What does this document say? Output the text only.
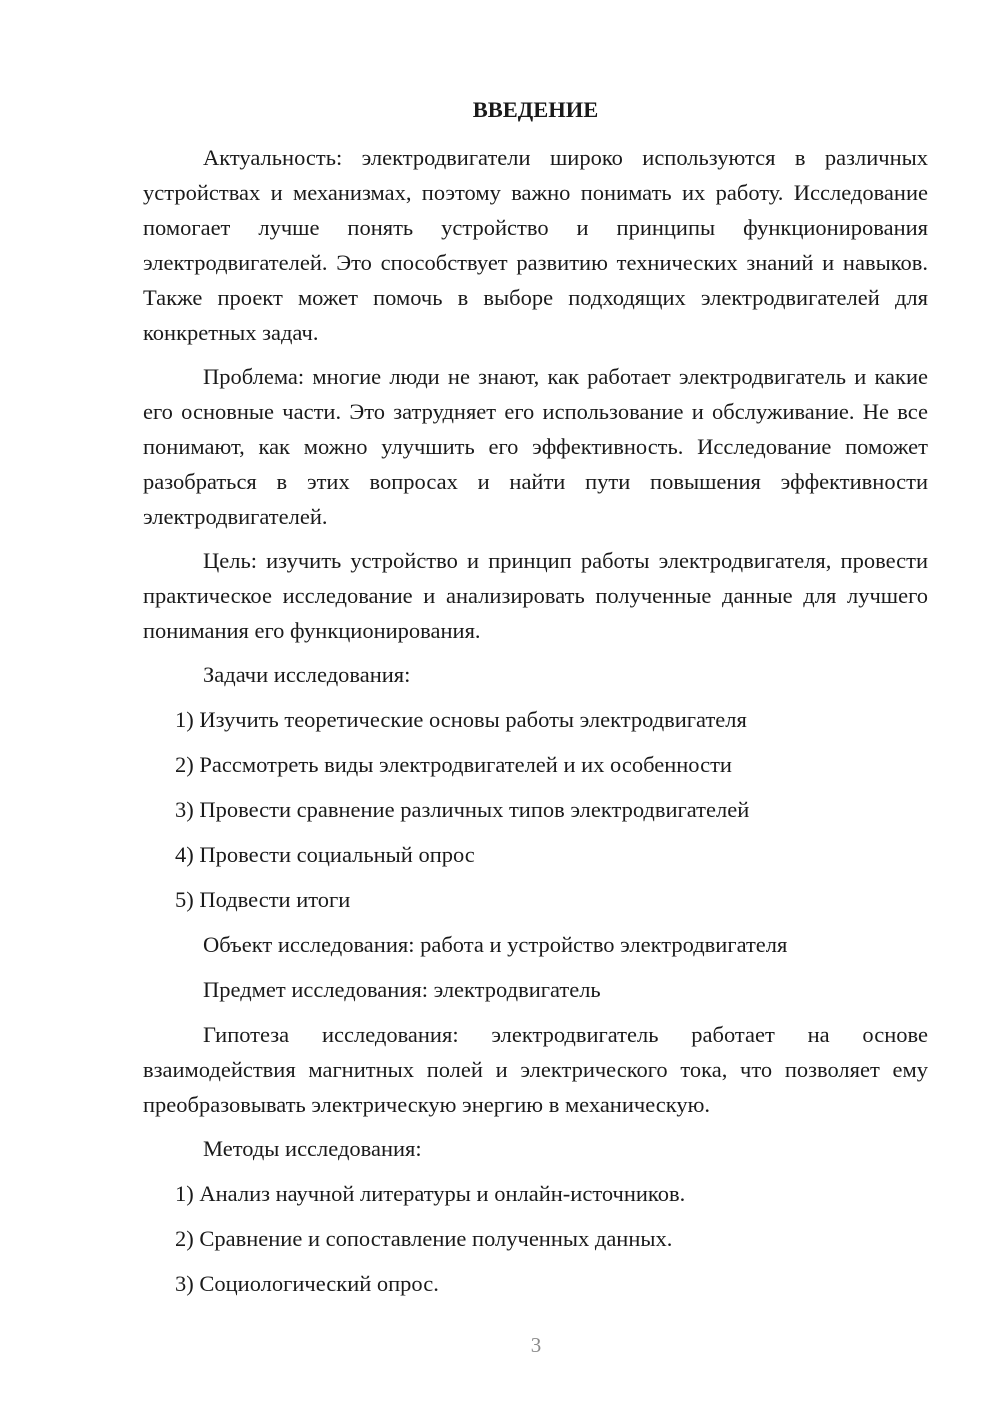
ВВЕДЕНИЕ
Актуальность: электродвигатели широко используются в различных устройствах и механизмах, поэтому важно понимать их работу. Исследование помогает лучше понять устройство и принципы функционирования электродвигателей. Это способствует развитию технических знаний и навыков. Также проект может помочь в выборе подходящих электродвигателей для конкретных задач.
Проблема: многие люди не знают, как работает электродвигатель и какие его основные части. Это затрудняет его использование и обслуживание. Не все понимают, как можно улучшить его эффективность. Исследование поможет разобраться в этих вопросах и найти пути повышения эффективности электродвигателей.
Цель: изучить устройство и принцип работы электродвигателя, провести практическое исследование и анализировать полученные данные для лучшего понимания его функционирования.
Задачи исследования:
1) Изучить теоретические основы работы электродвигателя
2) Рассмотреть виды электродвигателей и их особенности
3) Провести сравнение различных типов электродвигателей
4) Провести социальный опрос
5) Подвести итоги
Объект исследования: работа и устройство электродвигателя
Предмет исследования: электродвигатель
Гипотеза исследования: электродвигатель работает на основе взаимодействия магнитных полей и электрического тока, что позволяет ему преобразовывать электрическую энергию в механическую.
Методы исследования:
1) Анализ научной литературы и онлайн-источников.
2) Сравнение и сопоставление полученных данных.
3) Социологический опрос.
3
